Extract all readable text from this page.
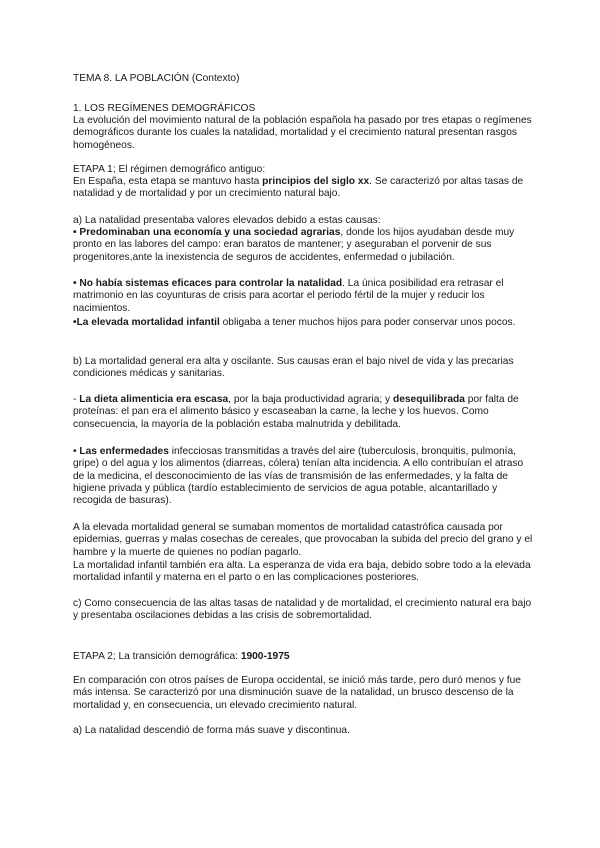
TEMA 8. LA POBLACIÓN (Contexto)

1. LOS REGÍMENES DEMOGRÁFICOS

La evolución del movimiento natural de la población española ha pasado por tres etapas o regímenes demográficos durante los cuales la natalidad, mortalidad y el crecimiento natural presentan rasgos homogéneos.

ETAPA 1; El régimen demográfico antiguo:

En España, esta etapa se mantuvo hasta principios del siglo xx. Se caracterizó por altas tasas de natalidad y de mortalidad y por un crecimiento natural bajo.

a) La natalidad presentaba valores elevados debido a estas causas:

• Predominaban una economía y una sociedad agrarias, donde los hijos ayudaban desde muy pronto en las labores del campo: eran baratos de mantener; y aseguraban el porvenir de sus progenitores,ante la inexistencia de seguros de accidentes, enfermedad o jubilación.

• No había sistemas eficaces para controlar la natalidad. La única posibilidad era retrasar el matrimonio en las coyunturas de crisis para acortar el periodo fértil de la mujer y reducir los nacimientos.

•La elevada mortalidad infantil obligaba a tener muchos hijos para poder conservar unos pocos.

b) La mortalidad general era alta y oscilante. Sus causas eran el bajo nivel de vida y las precarias condiciones médicas y sanitarias.

- La dieta alimenticia era escasa, por la baja productividad agraria; y desequilibrada por falta de proteínas: el pan era el alimento básico y escaseaban la carne, la leche y los huevos. Como consecuencia, la mayoría de la población estaba malnutrida y debilitada.

• Las enfermedades infecciosas transmitidas a través del aire (tuberculosis, bronquitis, pulmonía, gripe) o del agua y los alimentos (diarreas, cólera) tenían alta incidencia. A ello contribuían el atraso de la medicina, el desconocimiento de las vías de transmisión de las enfermedades, y la falta de higiene privada y pública (tardío establecimiento de servicios de agua potable, alcantarillado y recogida de basuras).

A la elevada mortalidad general se sumaban momentos de mortalidad catastrófica causada por epidemias, guerras y malas cosechas de cereales, que provocaban la subida del precio del grano y el hambre y la muerte de quienes no podían pagarlo.

La mortalidad infantil también era alta. La esperanza de vida era baja, debido sobre todo a la elevada mortalidad infantil y materna en el parto o en las complicaciones posteriores.

c) Como consecuencia de las altas tasas de natalidad y de mortalidad, el crecimiento natural era bajo y presentaba oscilaciones debidas a las crisis de sobremortalidad.

ETAPA 2; La transición demográfica: 1900-1975

En comparación con otros países de Europa occidental, se inició más tarde, pero duró menos y fue más intensa. Se caracterizó por una disminución suave de la natalidad, un brusco descenso de la mortalidad y, en consecuencia, un elevado crecimiento natural.

a) La natalidad descendió de forma más suave y discontinua.
